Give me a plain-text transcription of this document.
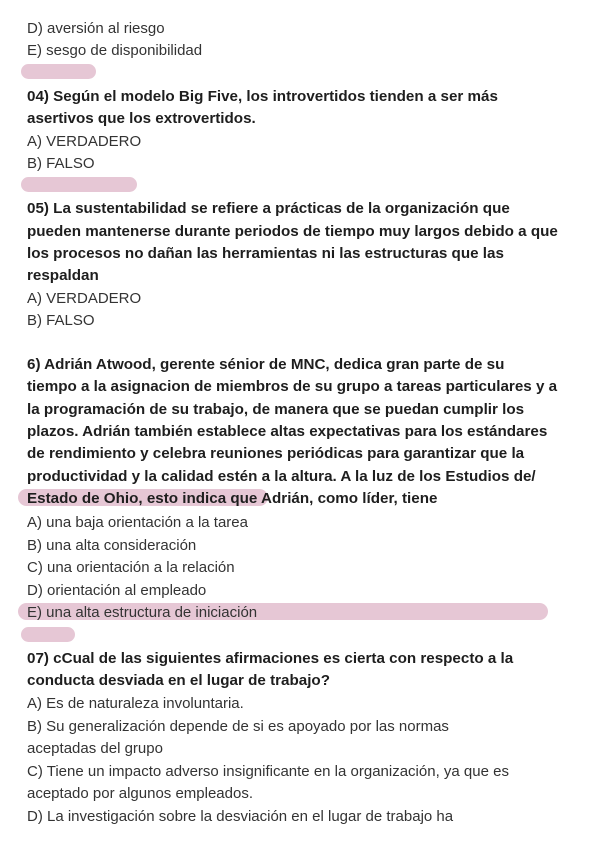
D) aversión al riesgo
E) sesgo de disponibilidad
04) Según el modelo Big Five, los introvertidos tienden a ser más
asertivos que los extrovertidos.
A) VERDADERO
B) FALSO
05) La sustentabilidad se refiere a prácticas de la organización que
pueden mantenerse durante periodos de tiempo muy largos debido a que
los procesos no dañan las herramientas ni las estructuras que las
respaldan
A) VERDADERO
B) FALSO
6) Adrián Atwood, gerente sénior de MNC, dedica gran parte de su
tiempo a la asignacion de miembros de su grupo a tareas particulares y a
la programación de su trabajo, de manera que se puedan cumplir los
plazos. Adrián también establece altas expectativas para los estándares
de rendimiento y celebra reuniones periódicas para garantizar que la
productividad y la calidad estén a la altura. A la luz de los Estudios de/
Estado de Ohio, esto indica que Adrián, como líder, tiene
A) una baja orientación a la tarea
B) una alta consideración
C) una orientación a la relación
D) orientación al empleado
E) una alta estructura de iniciación
07) cCual de las siguientes afirmaciones es cierta con respecto a la
conducta desviada en el lugar de trabajo?
A) Es de naturaleza involuntaria.
B) Su generalización depende de si es apoyado por las normas
aceptadas del grupo
C) Tiene un impacto adverso insignificante en la organización, ya que es
aceptado por algunos empleados.
D) La investigación sobre la desviación en el lugar de trabajo ha
